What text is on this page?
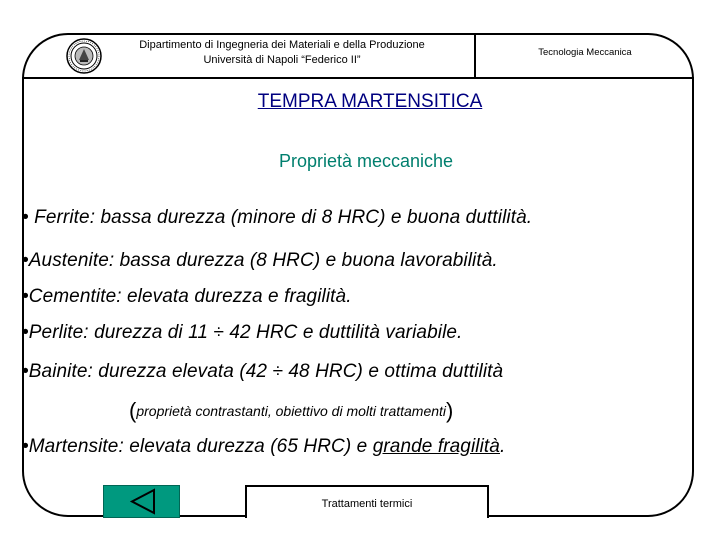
Dipartimento di Ingegneria dei Materiali e della Produzione
Università di Napoli “Federico II”
Tecnologia Meccanica
TEMPRA MARTENSITICA
Proprietà meccaniche
• Ferrite: bassa durezza (minore di 8 HRC) e buona duttilità.
•Austenite: bassa durezza (8 HRC) e buona lavorabilità.
•Cementite: elevata durezza e fragilità.
•Perlite: durezza di 11 ÷ 42 HRC e duttilità variabile.
•Bainite: durezza elevata (42 ÷ 48 HRC) e ottima duttilità
(proprietà contrastanti, obiettivo di molti trattamenti)
•Martensite: elevata durezza (65 HRC) e grande fragilità.
Trattamenti termici
